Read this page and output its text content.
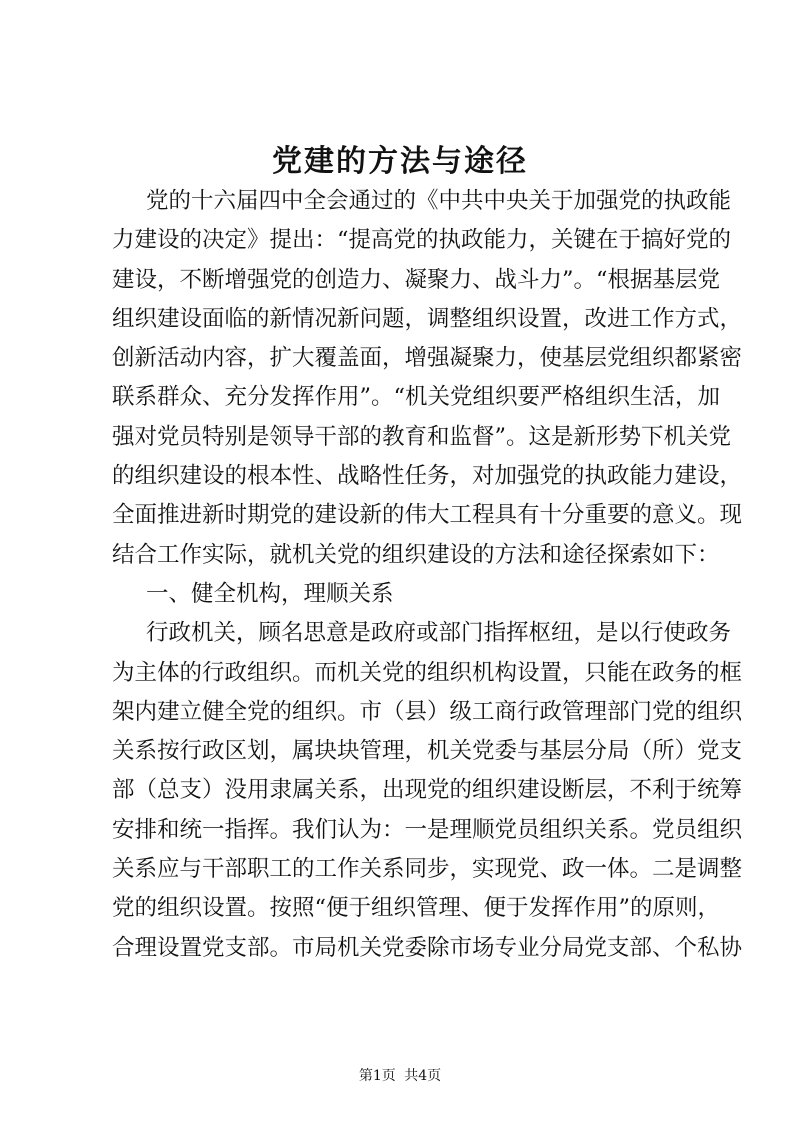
党建的方法与途径
党的十六届四中全会通过的《中共中央关于加强党的执政能
力建设的决定》提出：“提高党的执政能力，关键在于搞好党的
建设，不断增强党的创造力、凝聚力、战斗力”。“根据基层党
组织建设面临的新情况新问题，调整组织设置，改进工作方式，
创新活动内容，扩大覆盖面，增强凝聚力，使基层党组织都紧密
联系群众、充分发挥作用”。“机关党组织要严格组织生活，加
强对党员特别是领导干部的教育和监督”。这是新形势下机关党
的组织建设的根本性、战略性任务，对加强党的执政能力建设，
全面推进新时期党的建设新的伟大工程具有十分重要的意义。现
结合工作实际，就机关党的组织建设的方法和途径探索如下：
一、健全机构，理顺关系
行政机关，顾名思意是政府或部门指挥枢纽，是以行使政务
为主体的行政组织。而机关党的组织机构设置，只能在政务的框
架内建立健全党的组织。市（县）级工商行政管理部门党的组织
关系按行政区划，属块块管理，机关党委与基层分局（所）党支
部（总支）没用隶属关系，出现党的组织建设断层，不利于统筹
安排和统一指挥。我们认为：一是理顺党员组织关系。党员组织
关系应与干部职工的工作关系同步，实现党、政一体。二是调整
党的组织设置。按照“便于组织管理、便于发挥作用”的原则，
合理设置党支部。市局机关党委除市场专业分局党支部、个私协
第1页 共4页
